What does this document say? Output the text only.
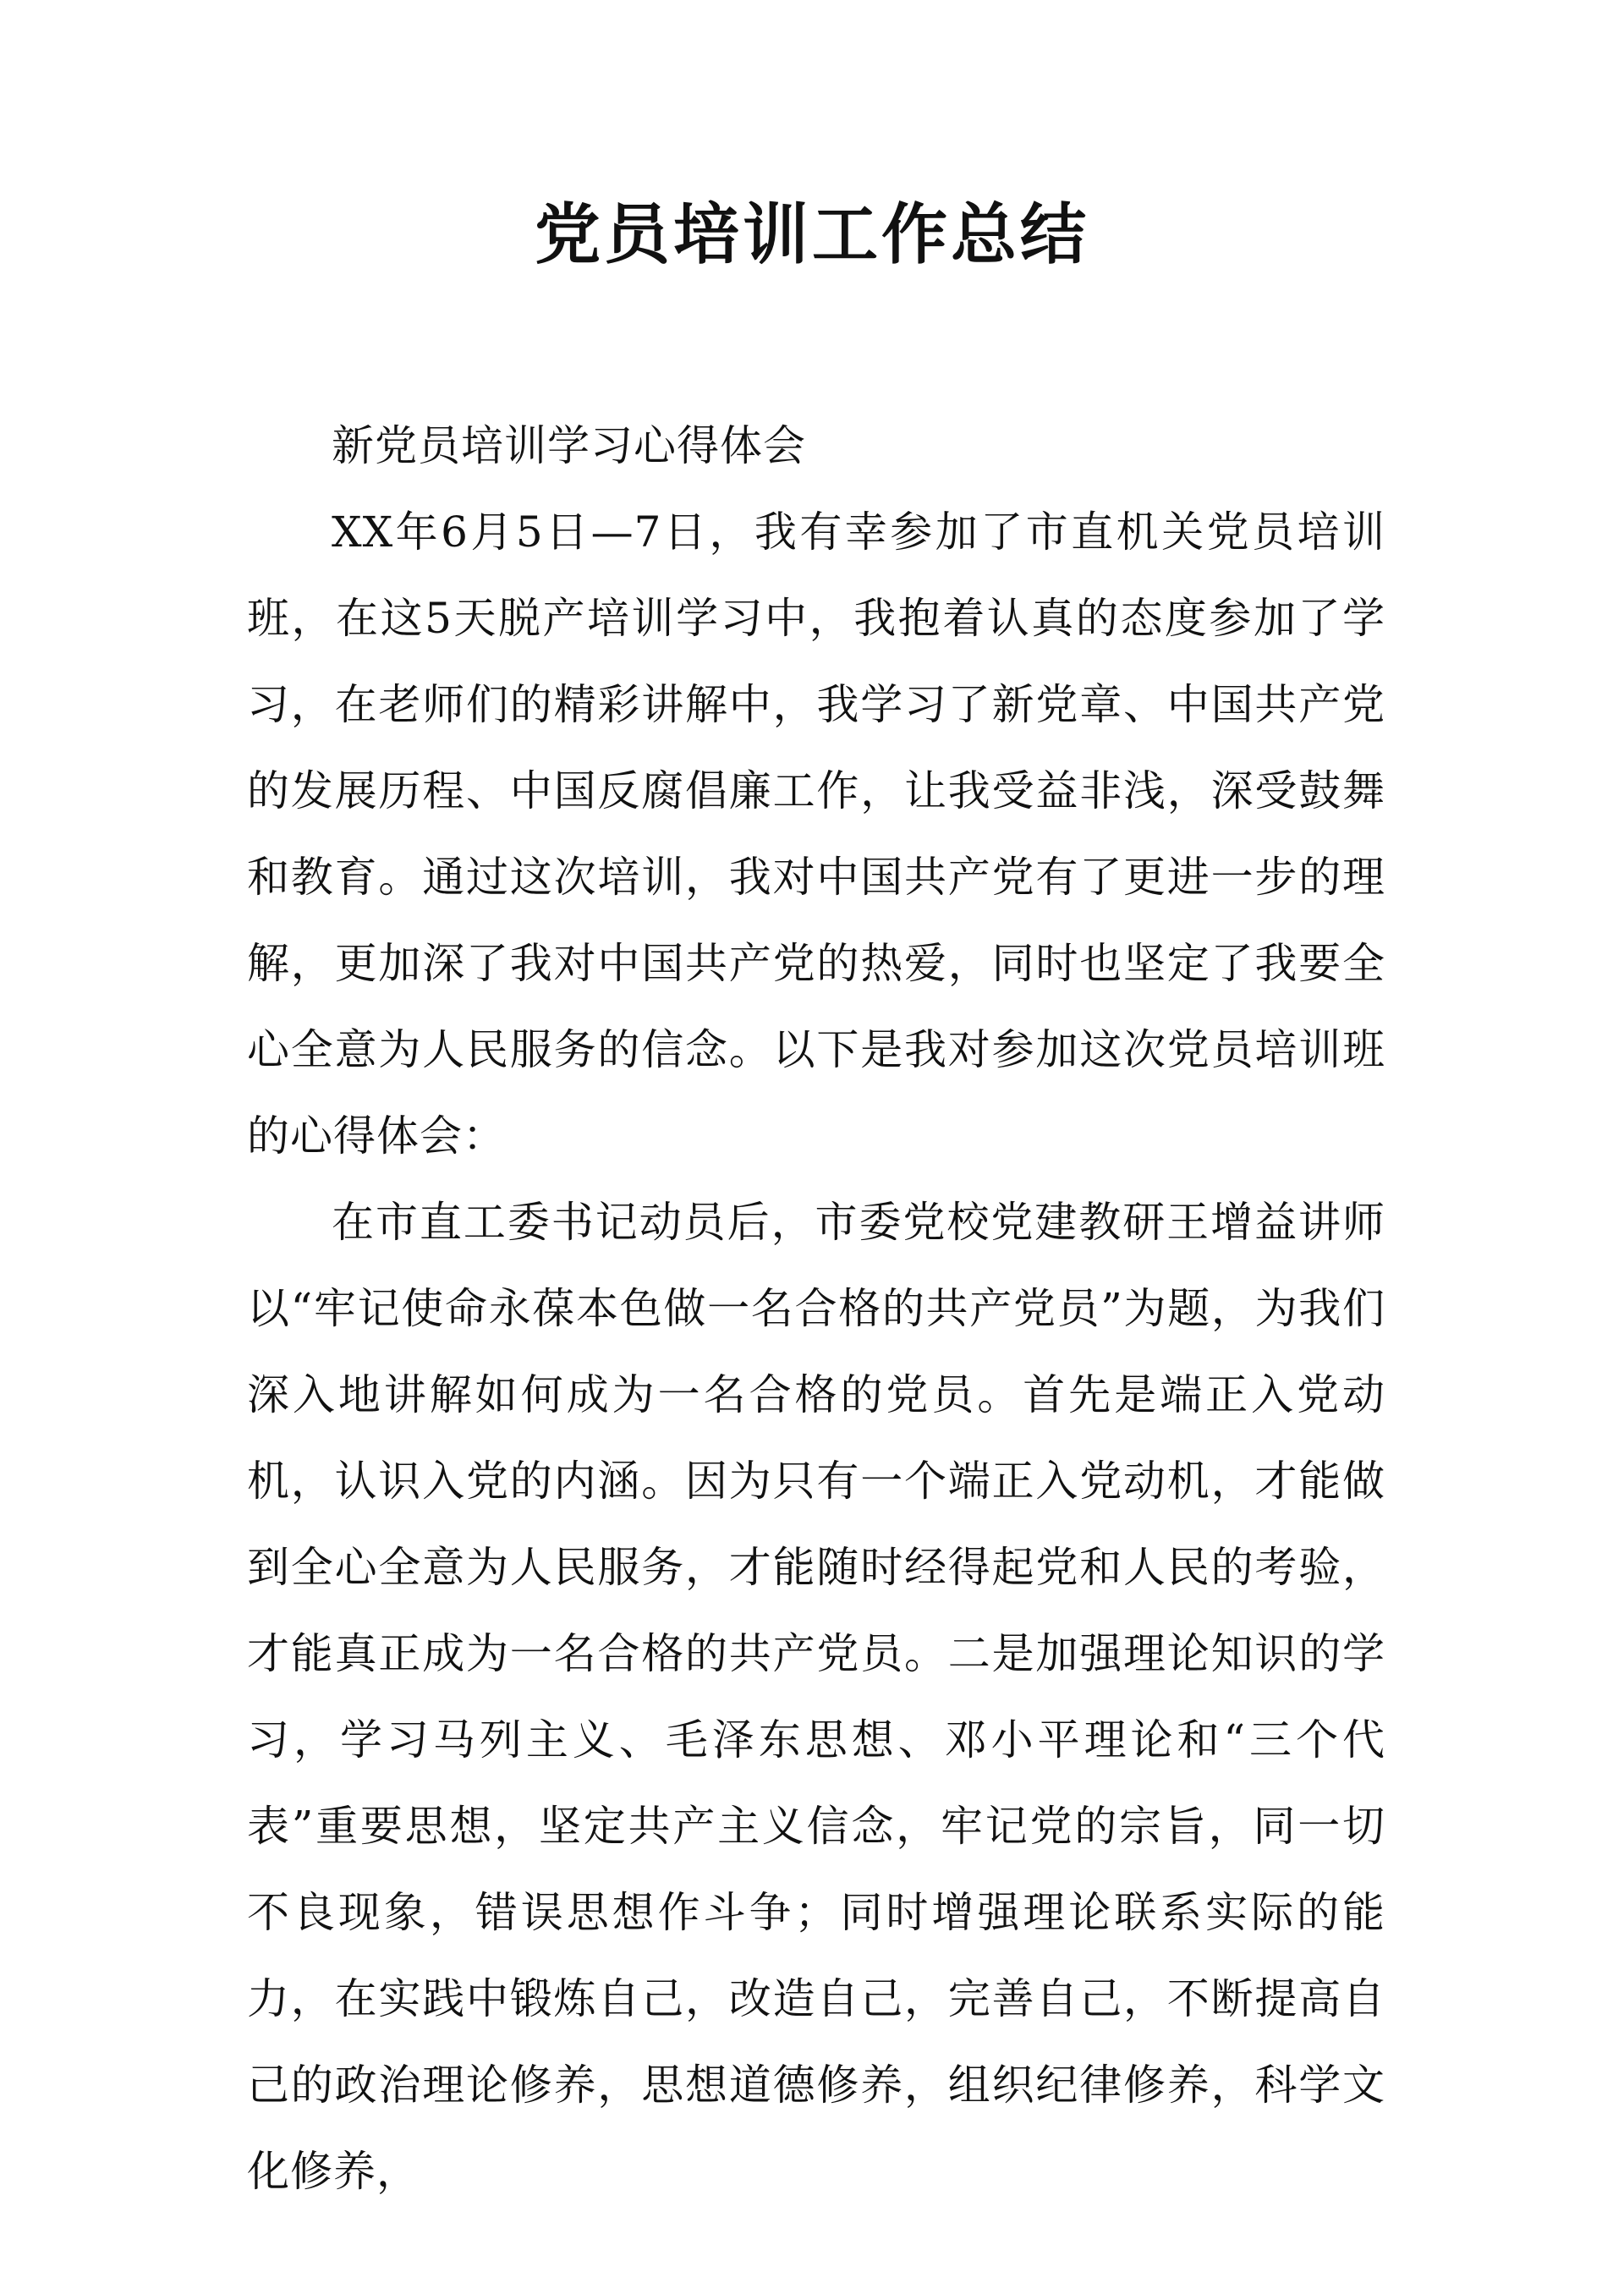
党员培训工作总结

新党员培训学习心得体会

XX年6月5日—7日，我有幸参加了市直机关党员培训班，在这5天脱产培训学习中，我抱着认真的态度参加了学习，在老师们的精彩讲解中，我学习了新党章、中国共产党的发展历程、中国反腐倡廉工作，让我受益非浅，深受鼓舞和教育。通过这次培训，我对中国共产党有了更进一步的理解，更加深了我对中国共产党的热爱，同时也坚定了我要全心全意为人民服务的信念。以下是我对参加这次党员培训班的心得体会：

在市直工委书记动员后，市委党校党建教研王增益讲师以“牢记使命永葆本色做一名合格的共产党员”为题，为我们深入地讲解如何成为一名合格的党员。首先是端正入党动机，认识入党的内涵。因为只有一个端正入党动机，才能做到全心全意为人民服务，才能随时经得起党和人民的考验，才能真正成为一名合格的共产党员。二是加强理论知识的学习，学习马列主义、毛泽东思想、邓小平理论和“三个代表”重要思想，坚定共产主义信念，牢记党的宗旨，同一切不良现象，错误思想作斗争；同时增强理论联系实际的能力，在实践中锻炼自己，改造自己，完善自己，不断提高自己的政治理论修养，思想道德修养，组织纪律修养，科学文化修养，
